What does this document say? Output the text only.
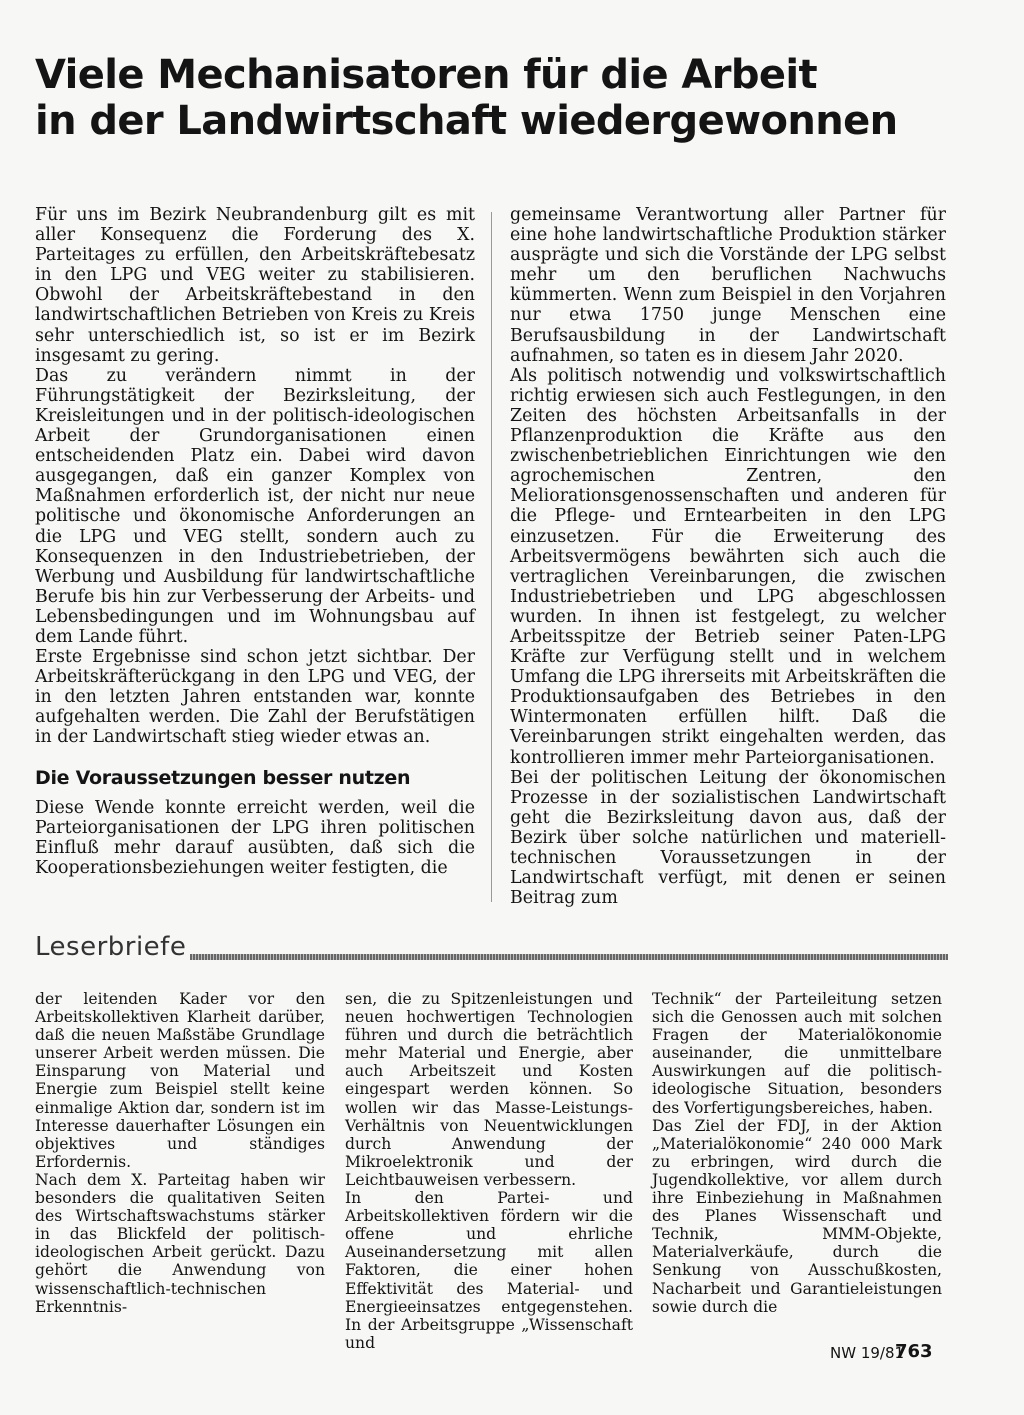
Viele Mechanisatoren für die Arbeit
in der Landwirtschaft wiedergewonnen

Für uns im Bezirk Neubrandenburg gilt es mit aller Konsequenz die Forderung des X. Parteitages zu erfüllen, den Arbeitskräftebesatz in den LPG und VEG weiter zu stabilisieren. Obwohl der Arbeitskräftebestand in den landwirtschaftlichen Betrieben von Kreis zu Kreis sehr unterschiedlich ist, so ist er im Bezirk insgesamt zu gering.

Das zu verändern nimmt in der Führungstätigkeit der Bezirksleitung, der Kreisleitungen und in der politisch-ideologischen Arbeit der Grundorganisationen einen entscheidenden Platz ein. Dabei wird davon ausgegangen, daß ein ganzer Komplex von Maßnahmen erforderlich ist, der nicht nur neue politische und ökonomische Anforderungen an die LPG und VEG stellt, sondern auch zu Konsequenzen in den Industriebetrieben, der Werbung und Ausbildung für landwirtschaftliche Berufe bis hin zur Verbesserung der Arbeits- und Lebensbedingungen und im Wohnungsbau auf dem Lande führt.

Erste Ergebnisse sind schon jetzt sichtbar. Der Arbeitskräfterückgang in den LPG und VEG, der in den letzten Jahren entstanden war, konnte aufgehalten werden. Die Zahl der Berufstätigen in der Landwirtschaft stieg wieder etwas an.

Die Voraussetzungen besser nutzen

Diese Wende konnte erreicht werden, weil die Parteiorganisationen der LPG ihren politischen Einfluß mehr darauf ausübten, daß sich die Kooperationsbeziehungen weiter festigten, die

gemeinsame Verantwortung aller Partner für eine hohe landwirtschaftliche Produktion stärker ausprägte und sich die Vorstände der LPG selbst mehr um den beruflichen Nachwuchs kümmerten. Wenn zum Beispiel in den Vorjahren nur etwa 1750 junge Menschen eine Berufsausbildung in der Landwirtschaft aufnahmen, so taten es in diesem Jahr 2020.

Als politisch notwendig und volkswirtschaftlich richtig erwiesen sich auch Festlegungen, in den Zeiten des höchsten Arbeitsanfalls in der Pflanzenproduktion die Kräfte aus den zwischenbetrieblichen Einrichtungen wie den agrochemischen Zentren, den Meliorationsgenossenschaften und anderen für die Pflege- und Erntearbeiten in den LPG einzusetzen. Für die Erweiterung des Arbeitsvermögens bewährten sich auch die vertraglichen Vereinbarungen, die zwischen Industriebetrieben und LPG abgeschlossen wurden. In ihnen ist festgelegt, zu welcher Arbeitsspitze der Betrieb seiner Paten-LPG Kräfte zur Verfügung stellt und in welchem Umfang die LPG ihrerseits mit Arbeitskräften die Produktionsaufgaben des Betriebes in den Wintermonaten erfüllen hilft. Daß die Vereinbarungen strikt eingehalten werden, das kontrollieren immer mehr Parteiorganisationen.

Bei der politischen Leitung der ökonomischen Prozesse in der sozialistischen Landwirtschaft geht die Bezirksleitung davon aus, daß der Bezirk über solche natürlichen und materiell-technischen Voraussetzungen in der Landwirtschaft verfügt, mit denen er seinen Beitrag zum

Leserbriefe

der leitenden Kader vor den Arbeitskollektiven Klarheit darüber, daß die neuen Maßstäbe Grundlage unserer Arbeit werden müssen. Die Einsparung von Material und Energie zum Beispiel stellt keine einmalige Aktion dar, sondern ist im Interesse dauerhafter Lösungen ein objektives und ständiges Erfordernis.

Nach dem X. Parteitag haben wir besonders die qualitativen Seiten des Wirtschaftswachstums stärker in das Blickfeld der politisch-ideologischen Arbeit gerückt. Dazu gehört die Anwendung von wissenschaftlich-technischen Erkenntnis-

sen, die zu Spitzenleistungen und neuen hochwertigen Technologien führen und durch die beträchtlich mehr Material und Energie, aber auch Arbeitszeit und Kosten eingespart werden können. So wollen wir das Masse-Leistungs-Verhältnis von Neuentwicklungen durch Anwendung der Mikroelektronik und der Leichtbauweisen verbessern.

In den Partei- und Arbeitskollektiven fördern wir die offene und ehrliche Auseinandersetzung mit allen Faktoren, die einer hohen Effektivität des Material- und Energieeinsatzes entgegenstehen. In der Arbeitsgruppe „Wissenschaft und

Technik“ der Parteileitung setzen sich die Genossen auch mit solchen Fragen der Materialökonomie auseinander, die unmittelbare Auswirkungen auf die politisch-ideologische Situation, besonders des Vorfertigungsbereiches, haben.

Das Ziel der FDJ, in der Aktion „Materialökonomie“ 240 000 Mark zu erbringen, wird durch die Jugendkollektive, vor allem durch ihre Einbeziehung in Maßnahmen des Planes Wissenschaft und Technik, MMM-Objekte, Materialverkäufe, durch die Senkung von Ausschußkosten, Nacharbeit und Garantieleistungen sowie durch die

NW 19/81
763
